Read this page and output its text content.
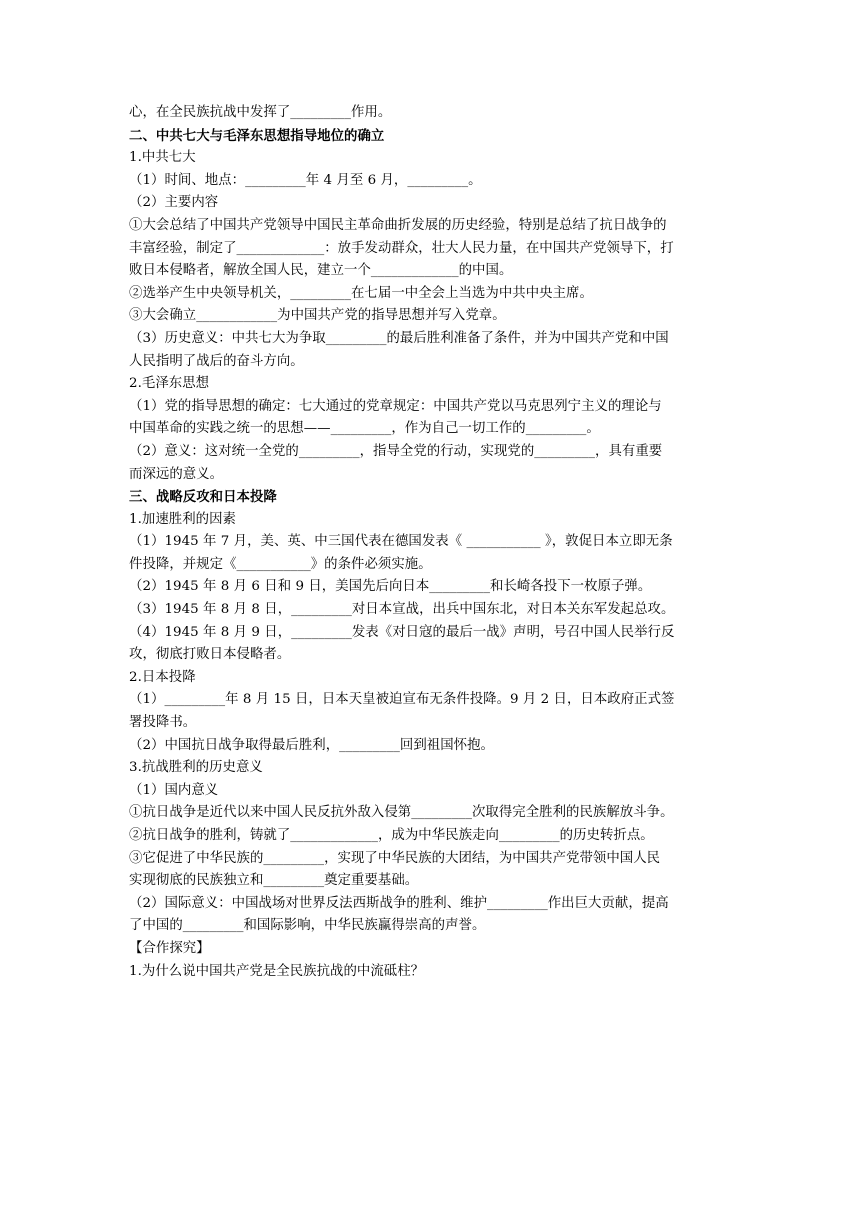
心，在全民族抗战中发挥了_________作用。
二、中共七大与毛泽东思想指导地位的确立
1.中共七大
（1）时间、地点：_________年 4 月至 6 月，_________。
（2）主要内容
①大会总结了中国共产党领导中国民主革命曲折发展的历史经验，特别是总结了抗日战争的
丰富经验，制定了_____________：放手发动群众，壮大人民力量，在中国共产党领导下，打
败日本侵略者，解放全国人民，建立一个_____________的中国。
②选举产生中央领导机关，_________在七届一中全会上当选为中共中央主席。
③大会确立____________为中国共产党的指导思想并写入党章。
（3）历史意义：中共七大为争取_________的最后胜利准备了条件，并为中国共产党和中国
人民指明了战后的奋斗方向。
2.毛泽东思想
（1）党的指导思想的确定：七大通过的党章规定：中国共产党以马克思列宁主义的理论与
中国革命的实践之统一的思想——_________，作为自己一切工作的_________。
（2）意义：这对统一全党的_________，指导全党的行动，实现党的_________，具有重要
而深远的意义。
三、战略反攻和日本投降
1.加速胜利的因素
（1）1945 年 7 月，美、英、中三国代表在德国发表《 ___________ 》，敦促日本立即无条
件投降，并规定《___________》的条件必须实施。
（2）1945 年 8 月 6 日和 9 日，美国先后向日本_________和长崎各投下一枚原子弹。
（3）1945 年 8 月 8 日，_________对日本宣战，出兵中国东北，对日本关东军发起总攻。
（4）1945 年 8 月 9 日，_________发表《对日寇的最后一战》声明，号召中国人民举行反
攻，彻底打败日本侵略者。
2.日本投降
（1）_________年 8 月 15 日，日本天皇被迫宣布无条件投降。9 月 2 日，日本政府正式签
署投降书。
（2）中国抗日战争取得最后胜利，_________回到祖国怀抱。
3.抗战胜利的历史意义
（1）国内意义
①抗日战争是近代以来中国人民反抗外敌入侵第_________次取得完全胜利的民族解放斗争。
②抗日战争的胜利，铸就了_____________，成为中华民族走向_________的历史转折点。
③它促进了中华民族的_________，实现了中华民族的大团结，为中国共产党带领中国人民
实现彻底的民族独立和_________奠定重要基础。
（2）国际意义：中国战场对世界反法西斯战争的胜利、维护_________作出巨大贡献，提高
了中国的_________和国际影响，中华民族赢得崇高的声誉。
【合作探究】
1.为什么说中国共产党是全民族抗战的中流砥柱？
